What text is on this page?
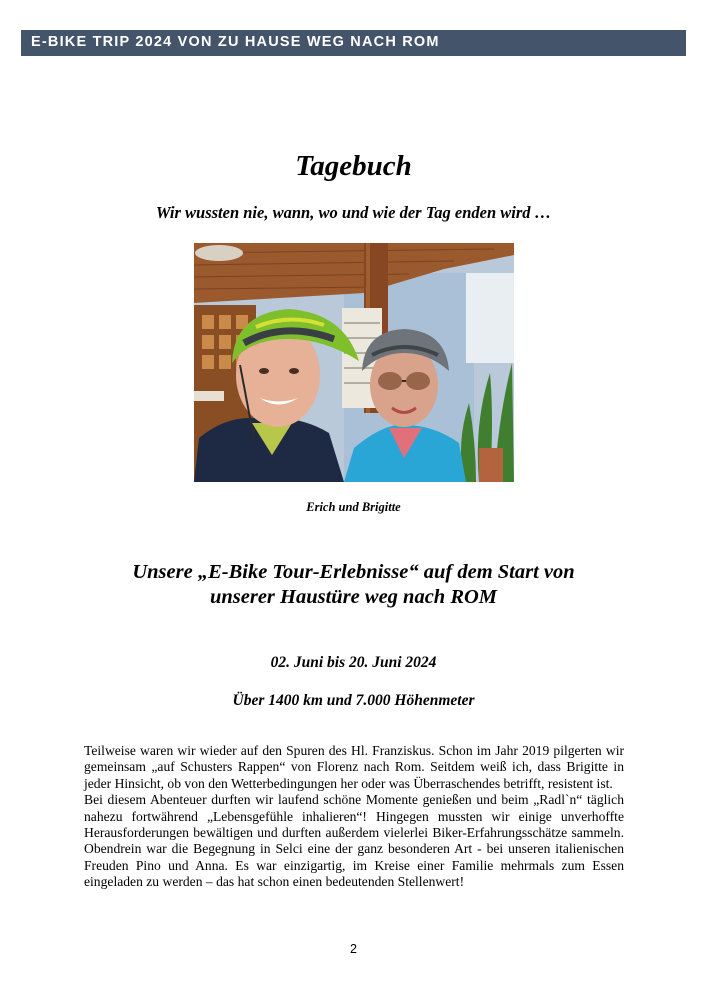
E-BIKE TRIP 2024 VON ZU HAUSE WEG NACH ROM
Tagebuch
Wir wussten nie, wann, wo und wie der Tag enden wird …
Erich und Brigitte
Unsere „E-Bike Tour-Erlebnisse“ auf dem Start von
unserer Haustüre weg nach ROM
02. Juni bis 20. Juni 2024
Über 1400 km und 7.000 Höhenmeter

Teilweise waren wir wieder auf den Spuren des Hl. Franziskus. Schon im Jahr 2019 pilgerten wir gemeinsam „auf Schusters Rappen“ von Florenz nach Rom. Seitdem weiß ich, dass Brigitte in jeder Hinsicht, ob von den Wetterbedingungen her oder was Überraschendes betrifft, resistent ist.

Bei diesem Abenteuer durften wir laufend schöne Momente genießen und beim „Radl`n“ täglich nahezu fortwährend „Lebensgefühle inhalieren“! Hingegen mussten wir einige unverhoffte Herausforderungen bewältigen und durften außerdem vielerlei Biker-Erfahrungsschätze sammeln. Obendrein war die Begegnung in Selci eine der ganz besonderen Art - bei unseren italienischen Freuden Pino und Anna. Es war einzigartig, im Kreise einer Familie mehrmals zum Essen eingeladen zu werden – das hat schon einen bedeutenden Stellenwert!

2
